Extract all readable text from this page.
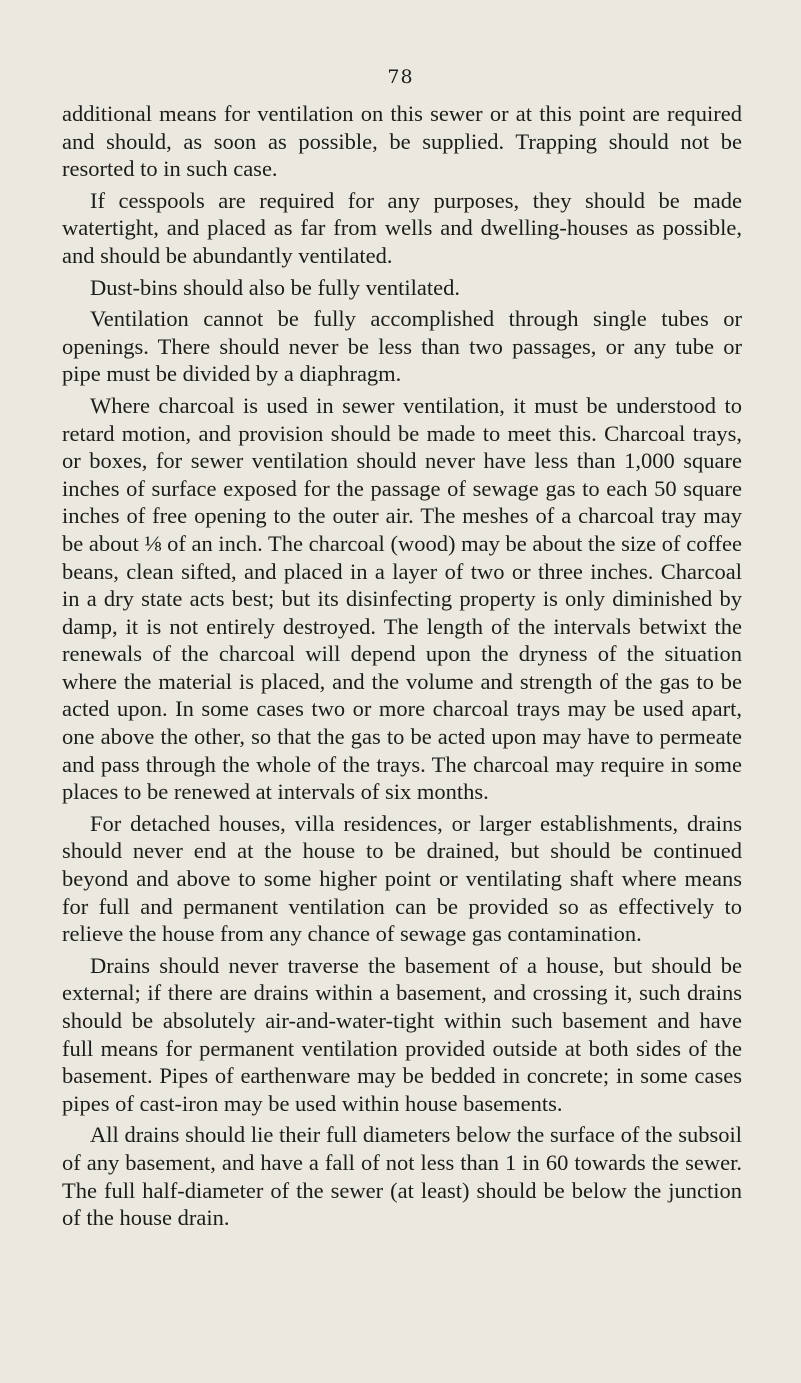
78

additional means for ventilation on this sewer or at this point are required and should, as soon as possible, be supplied. Trapping should not be resorted to in such case.

If cesspools are required for any purposes, they should be made watertight, and placed as far from wells and dwelling-houses as possible, and should be abundantly ventilated.

Dust-bins should also be fully ventilated.

Ventilation cannot be fully accomplished through single tubes or openings. There should never be less than two passages, or any tube or pipe must be divided by a diaphragm.

Where charcoal is used in sewer ventilation, it must be understood to retard motion, and provision should be made to meet this. Charcoal trays, or boxes, for sewer ventilation should never have less than 1,000 square inches of surface exposed for the passage of sewage gas to each 50 square inches of free opening to the outer air. The meshes of a charcoal tray may be about ⅛ of an inch. The charcoal (wood) may be about the size of coffee beans, clean sifted, and placed in a layer of two or three inches. Charcoal in a dry state acts best; but its disinfecting property is only diminished by damp, it is not entirely destroyed. The length of the intervals betwixt the renewals of the charcoal will depend upon the dryness of the situation where the material is placed, and the volume and strength of the gas to be acted upon. In some cases two or more charcoal trays may be used apart, one above the other, so that the gas to be acted upon may have to permeate and pass through the whole of the trays. The charcoal may require in some places to be renewed at intervals of six months.

For detached houses, villa residences, or larger establishments, drains should never end at the house to be drained, but should be continued beyond and above to some higher point or ventilating shaft where means for full and permanent ventilation can be provided so as effectively to relieve the house from any chance of sewage gas contamination.

Drains should never traverse the basement of a house, but should be external; if there are drains within a basement, and crossing it, such drains should be absolutely air-and-water-tight within such basement and have full means for permanent ventilation provided outside at both sides of the basement. Pipes of earthenware may be bedded in concrete; in some cases pipes of cast-iron may be used within house basements.

All drains should lie their full diameters below the surface of the subsoil of any basement, and have a fall of not less than 1 in 60 towards the sewer. The full half-diameter of the sewer (at least) should be below the junction of the house drain.
